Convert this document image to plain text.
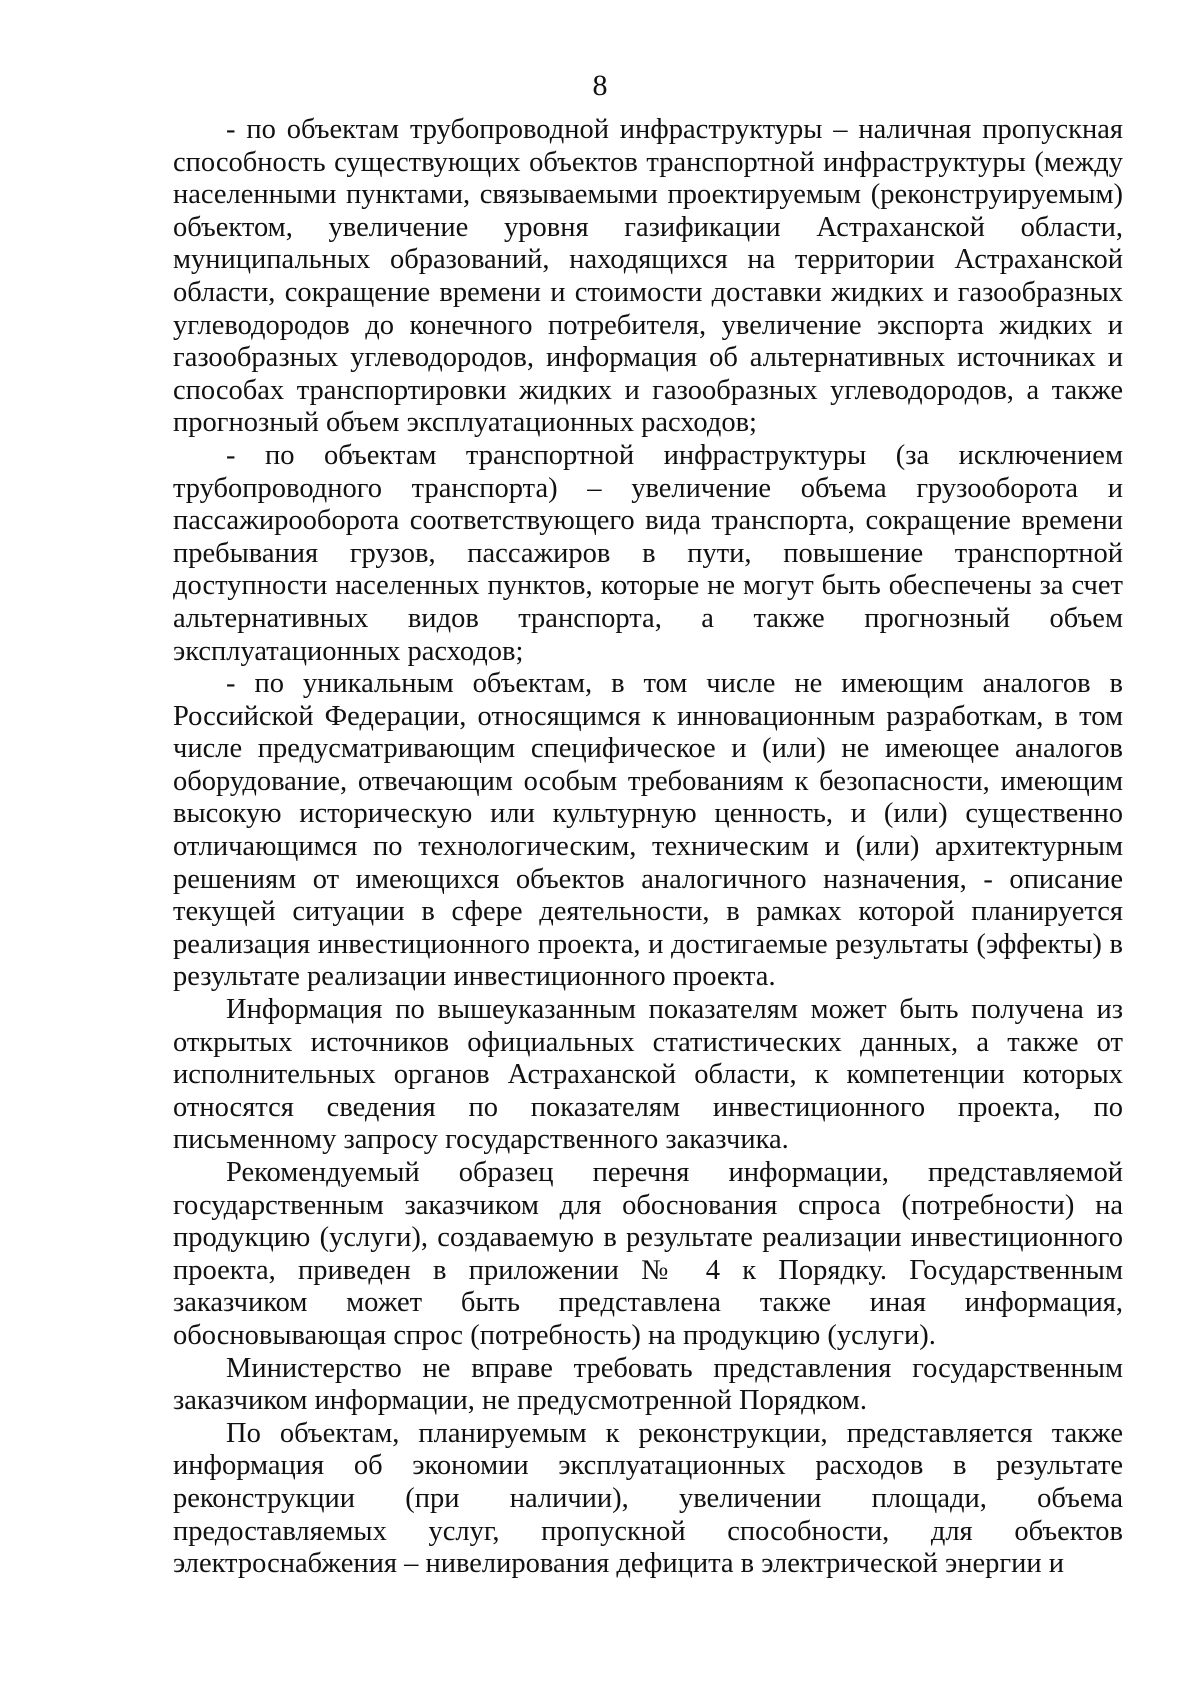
8

- по объектам трубопроводной инфраструктуры – наличная пропускная способность существующих объектов транспортной инфраструктуры (между населенными пунктами, связываемыми проектируемым (реконструируемым) объектом, увеличение уровня газификации Астраханской области, муниципальных образований, находящихся на территории Астраханской области, сокращение времени и стоимости доставки жидких и газообразных углеводородов до конечного потребителя, увеличение экспорта жидких и газообразных углеводородов, информация об альтернативных источниках и способах транспортировки жидких и газообразных углеводородов, а также прогнозный объем эксплуатационных расходов;

- по объектам транспортной инфраструктуры (за исключением трубопроводного транспорта) – увеличение объема грузооборота и пассажирооборота соответствующего вида транспорта, сокращение времени пребывания грузов, пассажиров в пути, повышение транспортной доступности населенных пунктов, которые не могут быть обеспечены за счет альтернативных видов транспорта, а также прогнозный объем эксплуатационных расходов;

- по уникальным объектам, в том числе не имеющим аналогов в Российской Федерации, относящимся к инновационным разработкам, в том числе предусматривающим специфическое и (или) не имеющее аналогов оборудование, отвечающим особым требованиям к безопасности, имеющим высокую историческую или культурную ценность, и (или) существенно отличающимся по технологическим, техническим и (или) архитектурным решениям от имеющихся объектов аналогичного назначения, - описание текущей ситуации в сфере деятельности, в рамках которой планируется реализация инвестиционного проекта, и достигаемые результаты (эффекты) в результате реализации инвестиционного проекта.

Информация по вышеуказанным показателям может быть получена из открытых источников официальных статистических данных, а также от исполнительных органов Астраханской области, к компетенции которых относятся сведения по показателям инвестиционного проекта, по письменному запросу государственного заказчика.

Рекомендуемый образец перечня информации, представляемой государственным заказчиком для обоснования спроса (потребности) на продукцию (услуги), создаваемую в результате реализации инвестиционного проекта, приведен в приложении № 4 к Порядку. Государственным заказчиком может быть представлена также иная информация, обосновывающая спрос (потребность) на продукцию (услуги).

Министерство не вправе требовать представления государственным заказчиком информации, не предусмотренной Порядком.

По объектам, планируемым к реконструкции, представляется также информация об экономии эксплуатационных расходов в результате реконструкции (при наличии), увеличении площади, объема предоставляемых услуг, пропускной способности, для объектов электроснабжения – нивелирования дефицита в электрической энергии и
